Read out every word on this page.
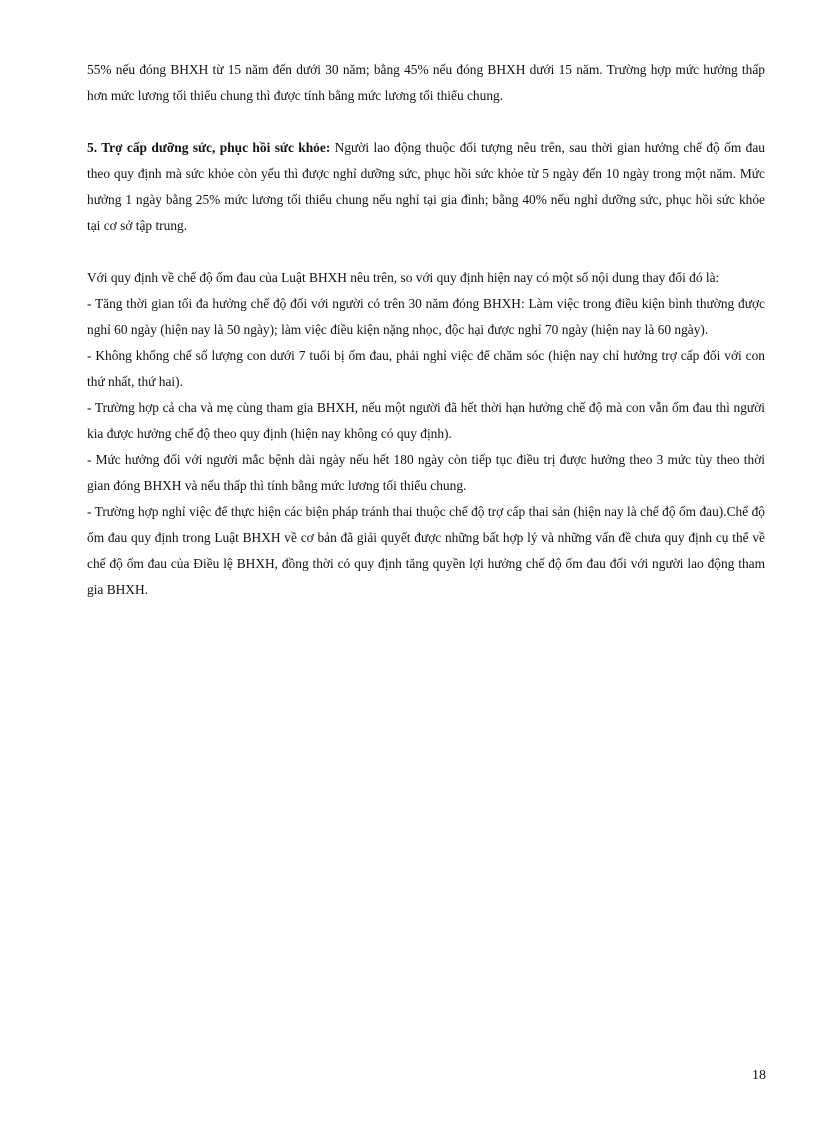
55% nếu đóng BHXH từ 15 năm đến dưới 30 năm; bằng 45% nếu đóng BHXH dưới 15 năm. Trường hợp mức hưởng thấp hơn mức lương tối thiểu chung thì được tính bằng mức lương tối thiểu chung.

5. Trợ cấp dưỡng sức, phục hồi sức khỏe: Người lao động thuộc đối tượng nêu trên, sau thời gian hưởng chế độ ốm đau theo quy định mà sức khỏe còn yếu thì được nghỉ dưỡng sức, phục hồi sức khỏe từ 5 ngày đến 10 ngày trong một năm. Mức hưởng 1 ngày bằng 25% mức lương tối thiểu chung nếu nghỉ tại gia đình; bằng 40% nếu nghỉ dưỡng sức, phục hồi sức khỏe tại cơ sở tập trung.

Với quy định về chế độ ốm đau của Luật BHXH nêu trên, so với quy định hiện nay có một số nội dung thay đổi đó là:

- Tăng thời gian tối đa hưởng chế độ đối với người có trên 30 năm đóng BHXH: Làm việc trong điều kiện bình thường được nghỉ 60 ngày (hiện nay là 50 ngày); làm việc điều kiện nặng nhọc, độc hại được nghỉ 70 ngày (hiện nay là 60 ngày).

- Không khống chế số lượng con dưới 7 tuổi bị ốm đau, phải nghỉ việc để chăm sóc (hiện nay chỉ hưởng trợ cấp đối với con thứ nhất, thứ hai).

- Trường hợp cả cha và mẹ cùng tham gia BHXH, nếu một người đã hết thời hạn hưởng chế độ mà con vẫn ốm đau thì người kia được hưởng chế độ theo quy định (hiện nay không có quy định).

- Mức hưởng đối với người mắc bệnh dài ngày nếu hết 180 ngày còn tiếp tục điều trị được hưởng theo 3 mức tùy theo thời gian đóng BHXH và nếu thấp thì tính bằng mức lương tối thiểu chung.

- Trường hợp nghỉ việc để thực hiện các biện pháp tránh thai thuộc chế độ trợ cấp thai sản (hiện nay là chế độ ốm đau).Chế độ ốm đau quy định trong Luật BHXH về cơ bản đã giải quyết được những bất hợp lý và những vấn đề chưa quy định cụ thể về chế độ ốm đau của Điều lệ BHXH, đồng thời có quy định tăng quyền lợi hưởng chế độ ốm đau đối với người lao động tham gia BHXH.

18
